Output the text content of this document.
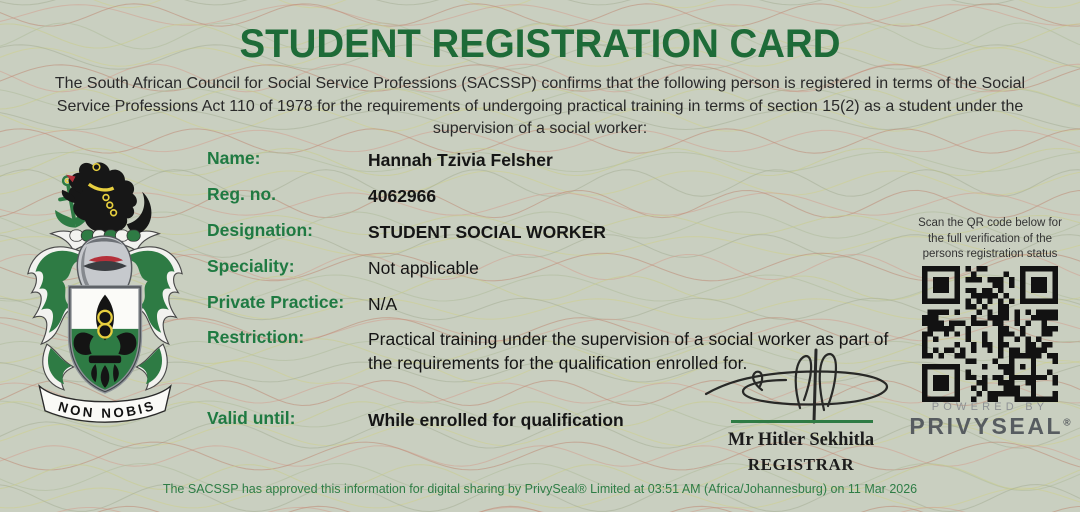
STUDENT REGISTRATION CARD
The South African Council for Social Service Professions (SACSSP) confirms that the following person is registered in terms of the Social Service Professions Act 110 of 1978 for the requirements of undergoing practical training in terms of section 15(2) as a student under the supervision of a social worker:
NON NOBIS
Name:	Hannah Tzivia Felsher
Reg. no.	4062966
Designation:	STUDENT SOCIAL WORKER
Speciality:	Not applicable
Private Practice:	N/A
Restriction:	Practical training under the supervision of a social worker as part of the requirements for the qualification enrolled for.
Valid until:	While enrolled for qualification
Mr Hitler Sekhitla
REGISTRAR
Scan the QR code below for the full verification of the persons registration status
POWERED BY
PRIVYSEAL®
The SACSSP has approved this information for digital sharing by PrivySeal® Limited at 03:51 AM (Africa/Johannesburg) on 11 Mar 2026
